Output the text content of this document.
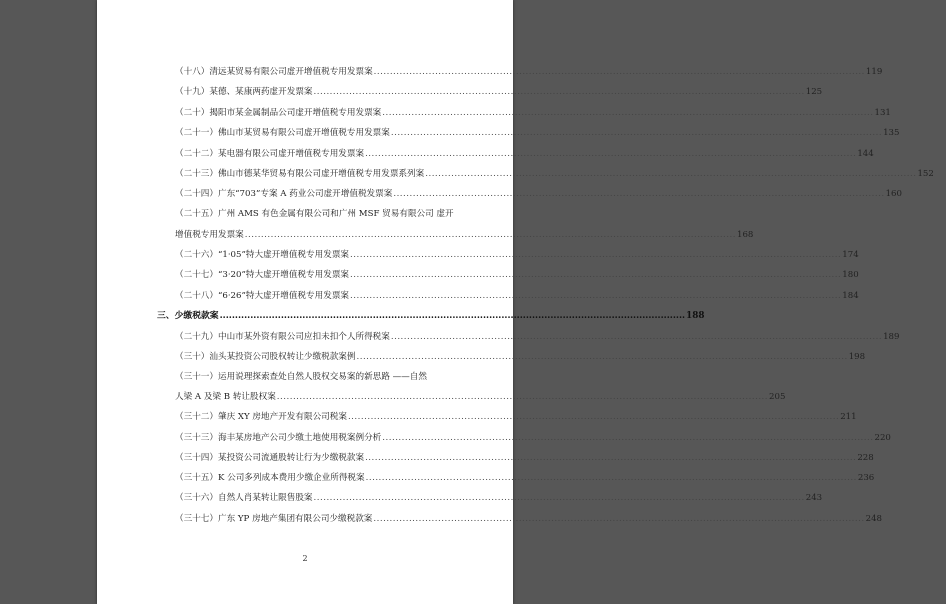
（十八）清远某贸易有限公司虚开增值税专用发票案 .....	119
（十九）某德、某康两药虚开发票案 .....	125
（二十）揭阳市某金属制品公司虚开增值税专用发票案 .....	131
（二十一）佛山市某贸易有限公司虚开增值税专用发票案 .....	135
（二十二）某电器有限公司虚开增值税专用发票案 .....	144
（二十三）佛山市德某华贸易有限公司虚开增值税专用发票系列案 .....	152
（二十四）广东“703”专案 A 药业公司虚开增值税发票案 .....	160
（二十五）广州 AMS 有色金属有限公司和广州 MSF 贸易有限公司 虚开
增值税专用发票案 .....	168
（二十六）“1·05”特大虚开增值税专用发票案 .....	174
（二十七）“3·20”特大虚开增值税专用发票案 .....	180
（二十八）“6·26”特大虚开增值税专用发票案 .....	184
三、少缴税款案 .....	188
（二十九）中山市某外资有限公司应扣未扣个人所得税案 .....	189
（三十）汕头某投资公司股权转让少缴税款案例 .....	198
（三十一）运用说理探索查处自然人股权交易案的新思路 ——自然
人梁 A 及梁 B 转让股权案 .....	205
（三十二）肇庆 XY 房地产开发有限公司税案 .....	211
（三十三）海丰某房地产公司少缴土地使用税案例分析 .....	220
（三十四）某投资公司流通股转让行为少缴税款案 .....	228
（三十五）K 公司多列成本费用少缴企业所得税案 .....	236
（三十六）自然人肖某转让限售股案 .....	243
（三十七）广东 YP 房地产集团有限公司少缴税款案 .....	248
2
